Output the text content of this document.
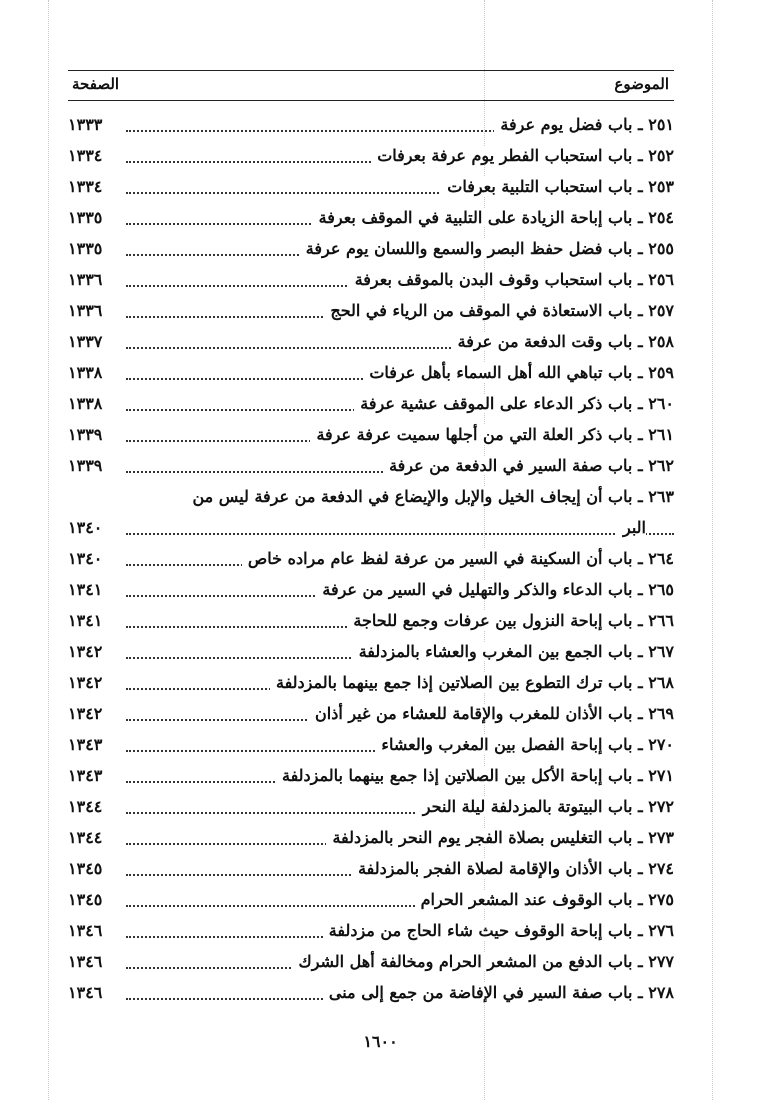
الموضوع
الصفحة
٢٥١ ـ باب فضل يوم عرفة
١٣٣٣
٢٥٢ ـ باب استحباب الفطر يوم عرفة بعرفات
١٣٣٤
٢٥٣ ـ باب استحباب التلبية بعرفات
١٣٣٤
٢٥٤ ـ باب إباحة الزيادة على التلبية في الموقف بعرفة
١٣٣٥
٢٥٥ ـ باب فضل حفظ البصر والسمع واللسان يوم عرفة
١٣٣٥
٢٥٦ ـ باب استحباب وقوف البدن بالموقف بعرفة
١٣٣٦
٢٥٧ ـ باب الاستعاذة في الموقف من الرياء في الحج
١٣٣٦
٢٥٨ ـ باب وقت الدفعة من عرفة
١٣٣٧
٢٥٩ ـ باب تباهي الله أهل السماء بأهل عرفات
١٣٣٨
٢٦٠ ـ باب ذكر الدعاء على الموقف عشية عرفة
١٣٣٨
٢٦١ ـ باب ذكر العلة التي من أجلها سميت عرفة عرفة
١٣٣٩
٢٦٢ ـ باب صفة السير في الدفعة من عرفة
١٣٣٩
٢٦٣ ـ باب أن إيجاف الخيل والإبل والإيضاع في الدفعة من عرفة ليس من
البر
١٣٤٠
٢٦٤ ـ باب أن السكينة في السير من عرفة لفظ عام مراده خاص
١٣٤٠
٢٦٥ ـ باب الدعاء والذكر والتهليل في السير من عرفة
١٣٤١
٢٦٦ ـ باب إباحة النزول بين عرفات وجمع للحاجة
١٣٤١
٢٦٧ ـ باب الجمع بين المغرب والعشاء بالمزدلفة
١٣٤٢
٢٦٨ ـ باب ترك التطوع بين الصلاتين إذا جمع بينهما بالمزدلفة
١٣٤٢
٢٦٩ ـ باب الأذان للمغرب والإقامة للعشاء من غير أذان
١٣٤٢
٢٧٠ ـ باب إباحة الفصل بين المغرب والعشاء
١٣٤٣
٢٧١ ـ باب إباحة الأكل بين الصلاتين إذا جمع بينهما بالمزدلفة
١٣٤٣
٢٧٢ ـ باب البيتوتة بالمزدلفة ليلة النحر
١٣٤٤
٢٧٣ ـ باب التغليس بصلاة الفجر يوم النحر بالمزدلفة
١٣٤٤
٢٧٤ ـ باب الأذان والإقامة لصلاة الفجر بالمزدلفة
١٣٤٥
٢٧٥ ـ باب الوقوف عند المشعر الحرام
١٣٤٥
٢٧٦ ـ باب إباحة الوقوف حيث شاء الحاج من مزدلفة
١٣٤٦
٢٧٧ ـ باب الدفع من المشعر الحرام ومخالفة أهل الشرك
١٣٤٦
٢٧٨ ـ باب صفة السير في الإفاضة من جمع إلى منى
١٣٤٦
١٦٠٠
